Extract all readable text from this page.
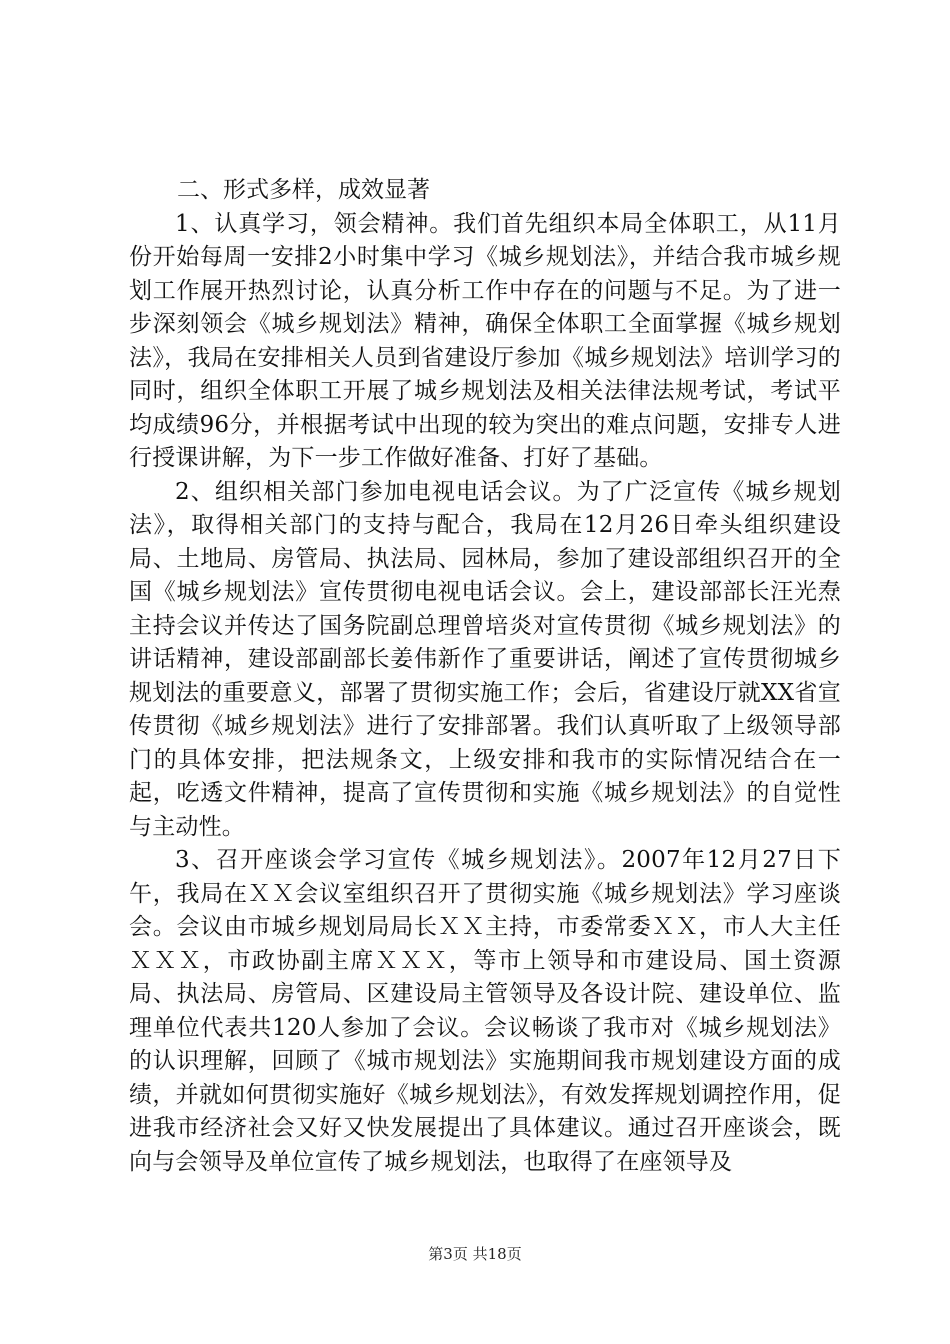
二、形式多样，成效显著

1、认真学习，领会精神。我们首先组织本局全体职工，从11月份开始每周一安排2小时集中学习《城乡规划法》，并结合我市城乡规划工作展开热烈讨论，认真分析工作中存在的问题与不足。为了进一步深刻领会《城乡规划法》精神，确保全体职工全面掌握《城乡规划法》，我局在安排相关人员到省建设厅参加《城乡规划法》培训学习的同时，组织全体职工开展了城乡规划法及相关法律法规考试，考试平均成绩96分，并根据考试中出现的较为突出的难点问题，安排专人进行授课讲解，为下一步工作做好准备、打好了基础。

2、组织相关部门参加电视电话会议。为了广泛宣传《城乡规划法》，取得相关部门的支持与配合，我局在12月26日牵头组织建设局、土地局、房管局、执法局、园林局，参加了建设部组织召开的全国《城乡规划法》宣传贯彻电视电话会议。会上，建设部部长汪光焘主持会议并传达了国务院副总理曾培炎对宣传贯彻《城乡规划法》的讲话精神，建设部副部长姜伟新作了重要讲话，阐述了宣传贯彻城乡规划法的重要意义，部署了贯彻实施工作；会后，省建设厅就XX省宣传贯彻《城乡规划法》进行了安排部署。我们认真听取了上级领导部门的具体安排，把法规条文，上级安排和我市的实际情况结合在一起，吃透文件精神，提高了宣传贯彻和实施《城乡规划法》的自觉性与主动性。

3、召开座谈会学习宣传《城乡规划法》。2007年12月27日下午，我局在ＸＸ会议室组织召开了贯彻实施《城乡规划法》学习座谈会。会议由市城乡规划局局长ＸＸ主持，市委常委ＸＸ，市人大主任ＸＸＸ，市政协副主席ＸＸＸ，等市上领导和市建设局、国土资源局、执法局、房管局、区建设局主管领导及各设计院、建设单位、监理单位代表共120人参加了会议。会议畅谈了我市对《城乡规划法》的认识理解，回顾了《城市规划法》实施期间我市规划建设方面的成绩，并就如何贯彻实施好《城乡规划法》，有效发挥规划调控作用，促进我市经济社会又好又快发展提出了具体建议。通过召开座谈会，既向与会领导及单位宣传了城乡规划法，也取得了在座领导及

第3页 共18页
